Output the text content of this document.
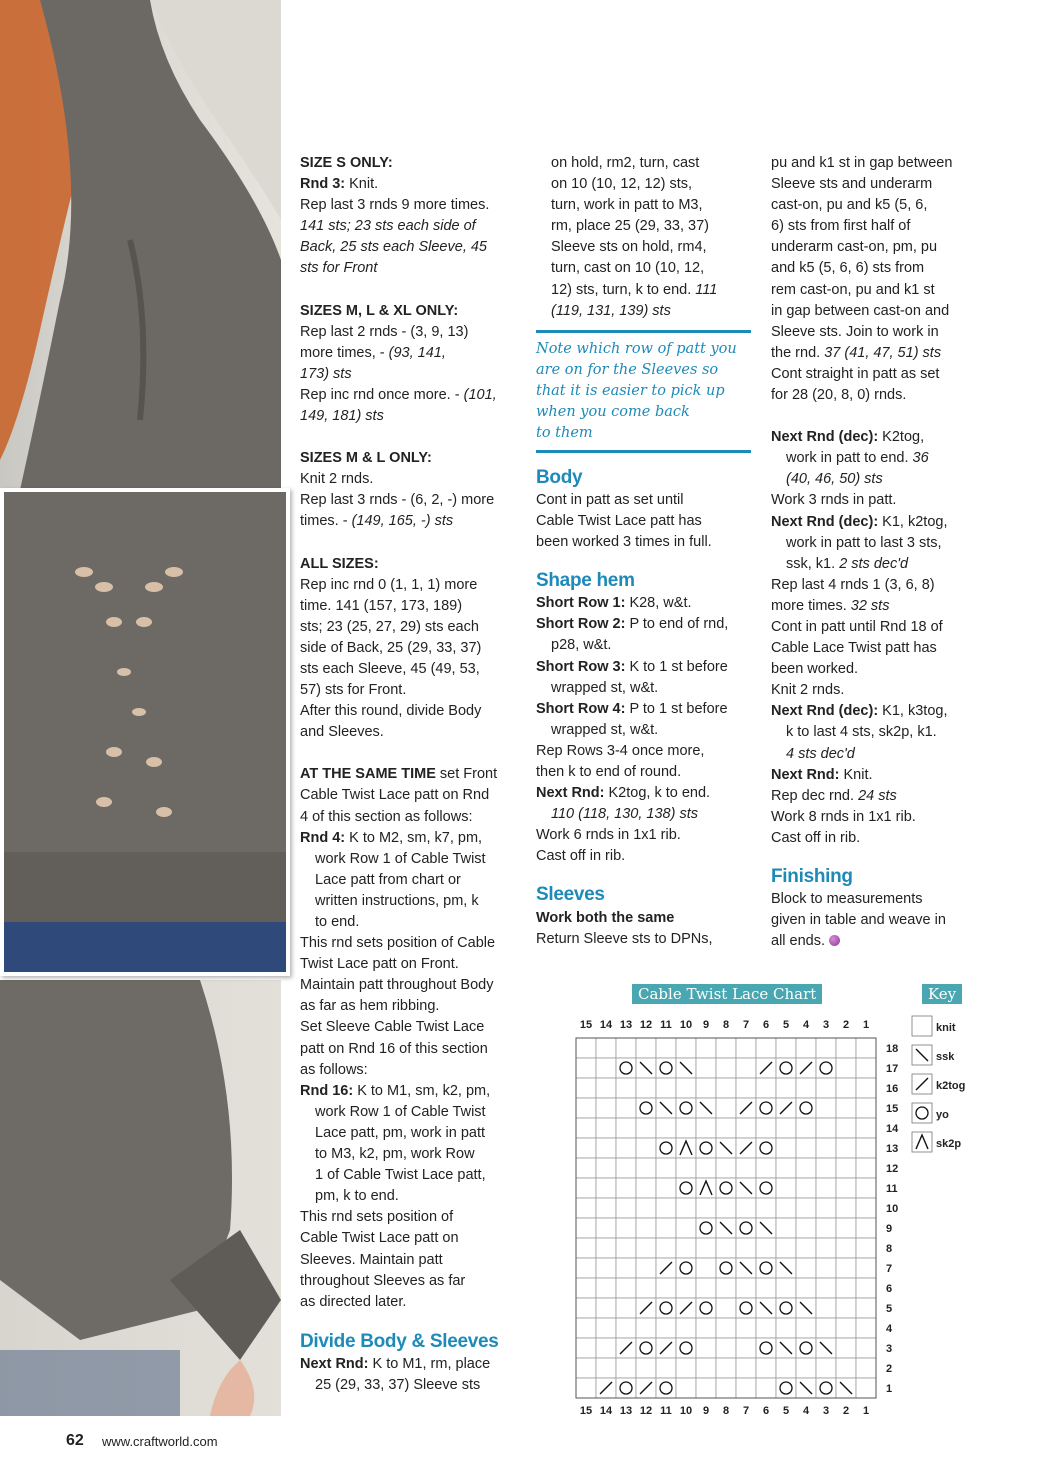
SIZE S ONLY:

Rnd 3: Knit.

Rep last 3 rnds 9 more times.

141 sts; 23 sts each side of

Back, 25 sts each Sleeve, 45

sts for Front

SIZES M, L & XL ONLY:

Rep last 2 rnds - (3, 9, 13)

more times, - (93, 141,

173) sts

Rep inc rnd once more. - (101,

149, 181) sts

SIZES M & L ONLY:

Knit 2 rnds.

Rep last 3 rnds - (6, 2, -) more

times. - (149, 165, -) sts

ALL SIZES:

Rep inc rnd 0 (1, 1, 1) more

time. 141 (157, 173, 189)

sts; 23 (25, 27, 29) sts each

side of Back, 25 (29, 33, 37)

sts each Sleeve, 45 (49, 53,

57) sts for Front.

After this round, divide Body

and Sleeves.

AT THE SAME TIME set Front

Cable Twist Lace patt on Rnd

4 of this section as follows:

Rnd 4: K to M2, sm, k7, pm,

work Row 1 of Cable Twist

Lace patt from chart or

written instructions, pm, k

to end.

This rnd sets position of Cable

Twist Lace patt on Front.

Maintain patt throughout Body

as far as hem ribbing.

Set Sleeve Cable Twist Lace

patt on Rnd 16 of this section

as follows:

Rnd 16: K to M1, sm, k2, pm,

work Row 1 of Cable Twist

Lace patt, pm, work in patt

to M3, k2, pm, work Row

1 of Cable Twist Lace patt,

pm, k to end.

This rnd sets position of

Cable Twist Lace patt on

Sleeves. Maintain patt

throughout Sleeves as far

as directed later.

Divide Body & Sleeves

Next Rnd: K to M1, rm, place

25 (29, 33, 37) Sleeve sts

on hold, rm2, turn, cast

on 10 (10, 12, 12) sts,

turn, work in patt to M3,

rm, place 25 (29, 33, 37)

Sleeve sts on hold, rm4,

turn, cast on 10 (10, 12,

12) sts, turn, k to end. 111

(119, 131, 139) sts

Note which row of patt you

are on for the Sleeves so

that it is easier to pick up

when you come back

to them

Body

Cont in patt as set until

Cable Twist Lace patt has

been worked 3 times in full.

Shape hem

Short Row 1: K28, w&t.

Short Row 2: P to end of rnd,

p28, w&t.

Short Row 3: K to 1 st before

wrapped st, w&t.

Short Row 4: P to 1 st before

wrapped st, w&t.

Rep Rows 3-4 once more,

then k to end of round.

Next Rnd: K2tog, k to end.

110 (118, 130, 138) sts

Work 6 rnds in 1x1 rib.

Cast off in rib.

Sleeves

Work both the same

Return Sleeve sts to DPNs,

pu and k1 st in gap between

Sleeve sts and underarm

cast-on, pu and k5 (5, 6,

6) sts from first half of

underarm cast-on, pm, pu

and k5 (5, 6, 6) sts from

rem cast-on, pu and k1 st

in gap between cast-on and

Sleeve sts. Join to work in

the rnd. 37 (41, 47, 51) sts

Cont straight in patt as set

for 28 (20, 8, 0) rnds.

Next Rnd (dec): K2tog,

work in patt to end. 36

(40, 46, 50) sts

Work 3 rnds in patt.

Next Rnd (dec): K1, k2tog,

work in patt to last 3 sts,

ssk, k1. 2 sts dec'd

Rep last 4 rnds 1 (3, 6, 8)

more times. 32 sts

Cont in patt until Rnd 18 of

Cable Lace Twist patt has

been worked.

Knit 2 rnds.

Next Rnd (dec): K1, k3tog,

k to last 4 sts, sk2p, k1.

4 sts dec'd

Next Rnd: Knit.

Rep dec rnd. 24 sts

Work 8 rnds in 1x1 rib.

Cast off in rib.

Finishing

Block to measurements

given in table and weave in

all ends.

Cable Twist Lace Chart	Key
15
15
14
14
13
13
12
12
11
11
10
10
9
9
8
8
7
7
6
6
5
5
4
4
3
3
2
2
1
1
18
17
16
15
14
13
12
11
10
9
8
7
6
5
4
3
2
1
knit
ssk
k2tog
yo
sk2p
62 www.craftworld.com
